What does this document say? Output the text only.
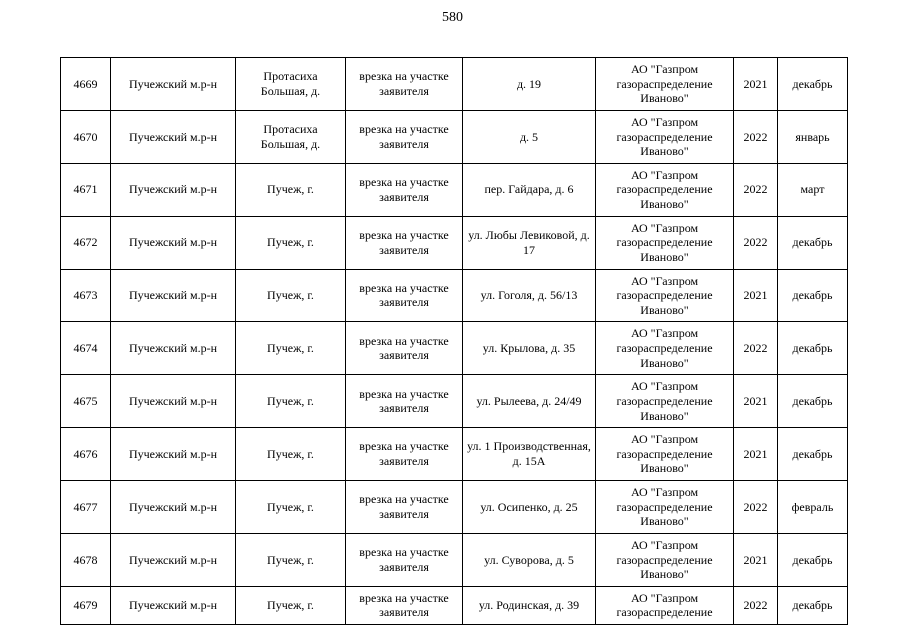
580
4669	Пучежский м.р-н	Протасиха Большая, д.	врезка на участке заявителя	д. 19	АО "Газпром газораспределение Иваново"	2021	декабрь
4670	Пучежский м.р-н	Протасиха Большая, д.	врезка на участке заявителя	д. 5	АО "Газпром газораспределение Иваново"	2022	январь
4671	Пучежский м.р-н	Пучеж, г.	врезка на участке заявителя	пер. Гайдара, д. 6	АО "Газпром газораспределение Иваново"	2022	март
4672	Пучежский м.р-н	Пучеж, г.	врезка на участке заявителя	ул. Любы Левиковой, д. 17	АО "Газпром газораспределение Иваново"	2022	декабрь
4673	Пучежский м.р-н	Пучеж, г.	врезка на участке заявителя	ул. Гоголя, д. 56/13	АО "Газпром газораспределение Иваново"	2021	декабрь
4674	Пучежский м.р-н	Пучеж, г.	врезка на участке заявителя	ул. Крылова, д. 35	АО "Газпром газораспределение Иваново"	2022	декабрь
4675	Пучежский м.р-н	Пучеж, г.	врезка на участке заявителя	ул. Рылеева, д. 24/49	АО "Газпром газораспределение Иваново"	2021	декабрь
4676	Пучежский м.р-н	Пучеж, г.	врезка на участке заявителя	ул. 1 Производственная, д. 15А	АО "Газпром газораспределение Иваново"	2021	декабрь
4677	Пучежский м.р-н	Пучеж, г.	врезка на участке заявителя	ул. Осипенко, д. 25	АО "Газпром газораспределение Иваново"	2022	февраль
4678	Пучежский м.р-н	Пучеж, г.	врезка на участке заявителя	ул. Суворова, д. 5	АО "Газпром газораспределение Иваново"	2021	декабрь
4679	Пучежский м.р-н	Пучеж, г.	врезка на участке заявителя	ул. Родинская, д. 39	АО "Газпром газораспределение	2022	декабрь
